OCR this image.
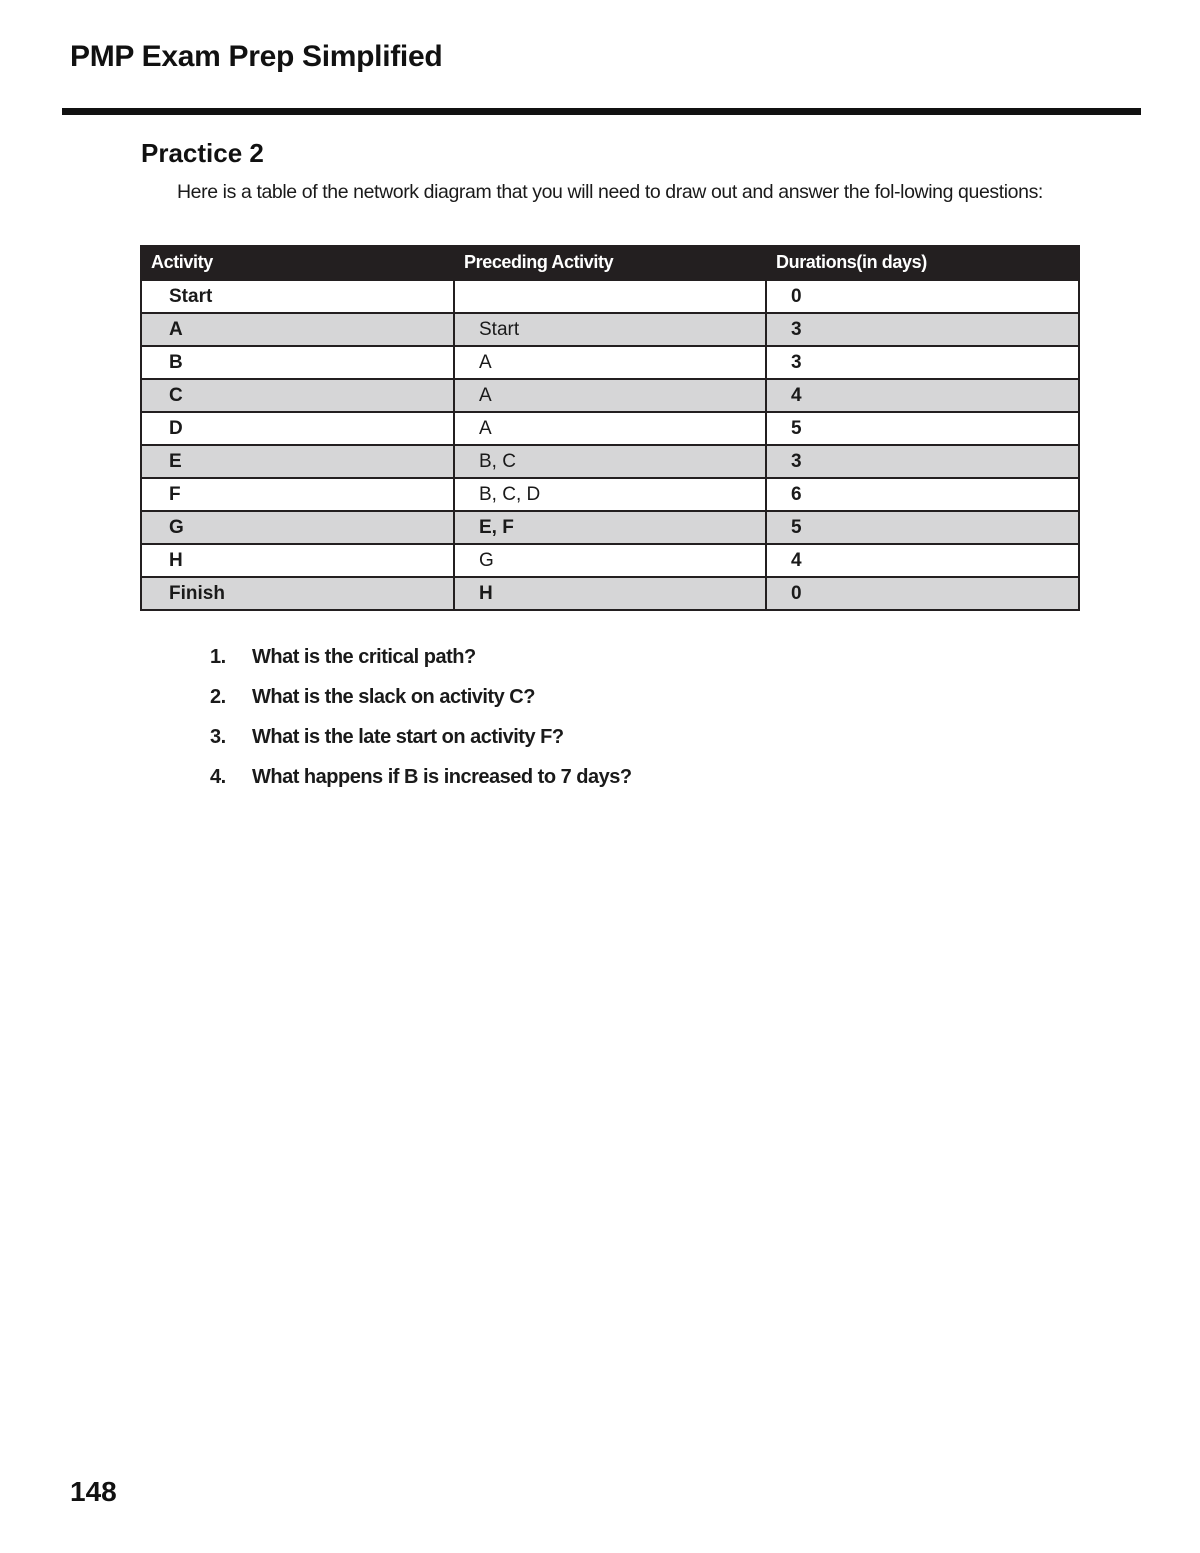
PMP Exam Prep Simplified
Practice 2
Here is a table of the network diagram that you will need to draw out and answer the fol-lowing questions:
Activity	Preceding Activity	Durations(in days)
Start		0
A	Start	3
B	A	3
C	A	4
D	A	5
E	B, C	3
F	B, C, D	6
G	E, F	5
H	G	4
Finish	H	0
1.	What is the critical path?
2.	What is the slack on activity C?
3.	What is the late start on activity F?
4.	What happens if B is increased to 7 days?
148
